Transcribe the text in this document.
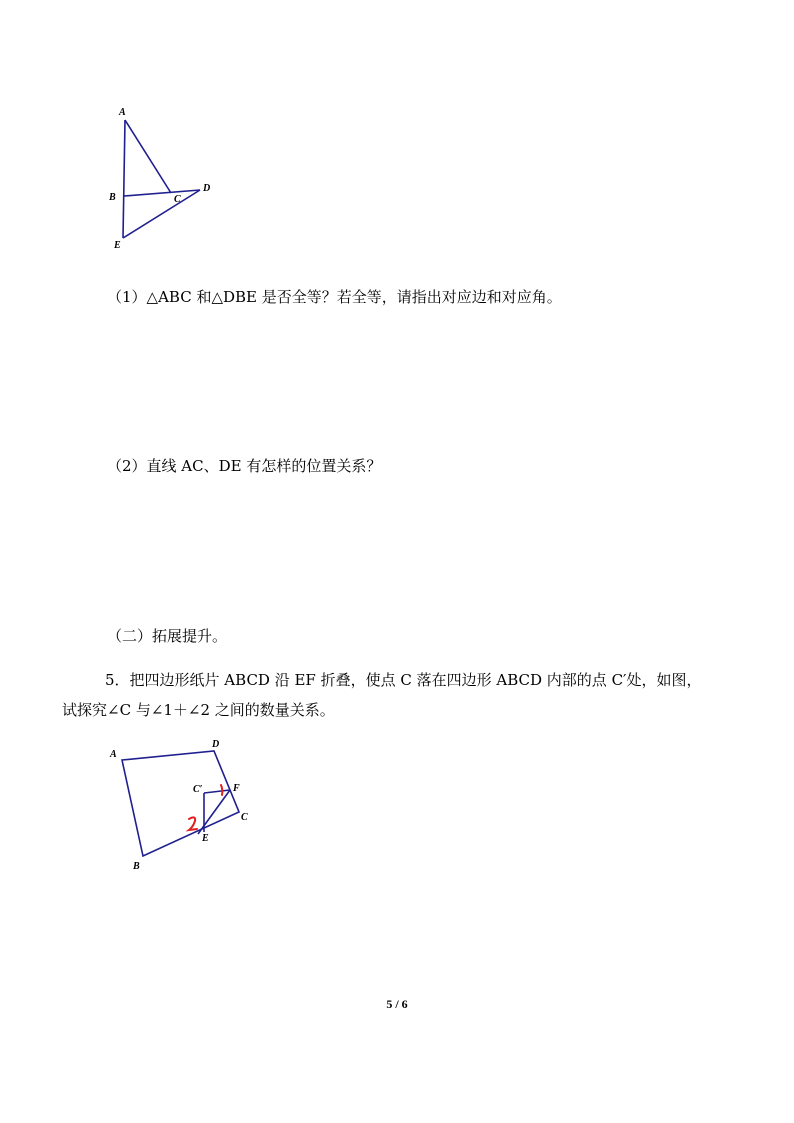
A
B	C
D
E
（1）△ABC 和△DBE 是否全等？若全等，请指出对应边和对应角。
（2）直线 AC、DE 有怎样的位置关系？
（二）拓展提升。
5．把四边形纸片 ABCD 沿 EF 折叠，使点 C 落在四边形 ABCD 内部的点 C′处，如图，
试探究∠C 与∠1＋∠2 之间的数量关系。
A
D
C′	F
C
E
B
5 / 6
